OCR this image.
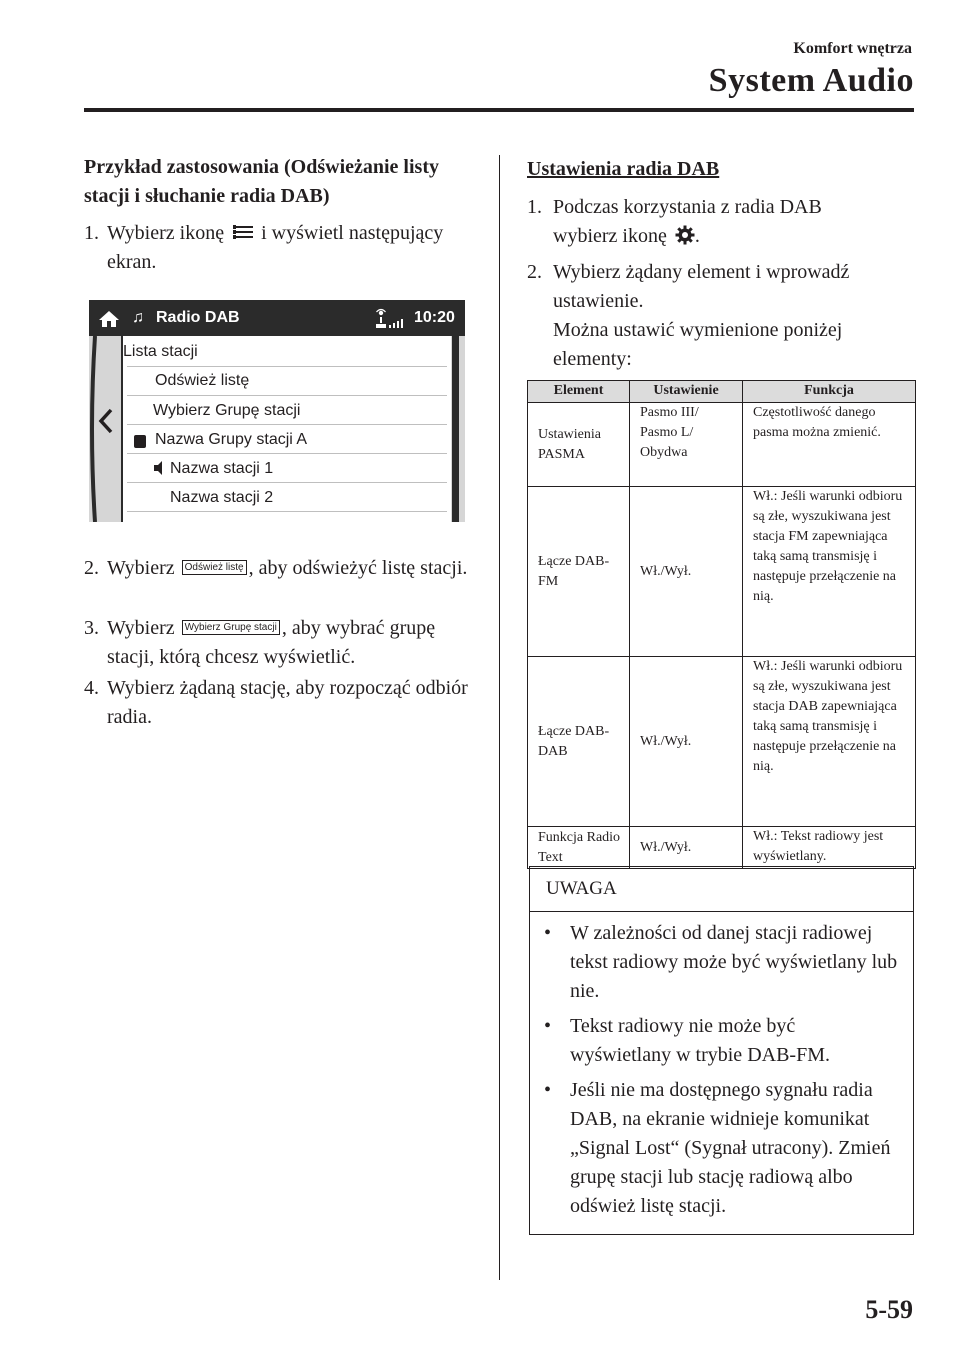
Komfort wnętrza
System Audio
Przykład zastosowania (Odświeżanie listy stacji i słuchanie radia DAB)
1. Wybierz ikonę i wyświetl następujący ekran.
♫ Radio DAB	10:20
Lista stacji
Odśwież listę
Wybierz Grupę stacji
Nazwa Grupy stacji A
Nazwa stacji 1
Nazwa stacji 2
2. Wybierz Odśwież listę , aby odświeżyć listę stacji.
3. Wybierz Wybierz Grupę stacji , aby wybrać grupę stacji, którą chcesz wyświetlić.
4. Wybierz żądaną stację, aby rozpocząć odbiór radia.
Ustawienia radia DAB
1. Podczas korzystania z radia DAB
wybierz ikonę .
2. Wybierz żądany element i wprowadź
ustawienie.
Można ustawić wymienione poniżej
elementy:
Element	Ustawienie	Funkcja
Ustawienia PASMA	Pasmo III/ Pasmo L/ Obydwa	Częstotliwość danego pasma można zmienić.
Łącze DAB-FM	Wł./Wył.	Wł.: Jeśli warunki odbioru są złe, wyszukiwana jest stacja FM zapewniająca taką samą transmisję i następuje przełączenie na nią.
Łącze DAB- DAB	Wł./Wył.	Wł.: Jeśli warunki odbioru są złe, wyszukiwana jest stacja DAB zapewniająca taką samą transmisję i następuje przełączenie na nią.
Funkcja Radio Text	Wł./Wył.	Wł.: Tekst radiowy jest wyświetlany.
UWAGA
• W zależności od danej stacji radiowej tekst radiowy może być wyświetlany lub nie.
• Tekst radiowy nie może być wyświetlany w trybie DAB-FM.
• Jeśli nie ma dostępnego sygnału radia DAB, na ekranie widnieje komunikat „Signal Lost“ (Sygnał utracony). Zmień grupę stacji lub stację radiową albo odśwież listę stacji.
5-59
